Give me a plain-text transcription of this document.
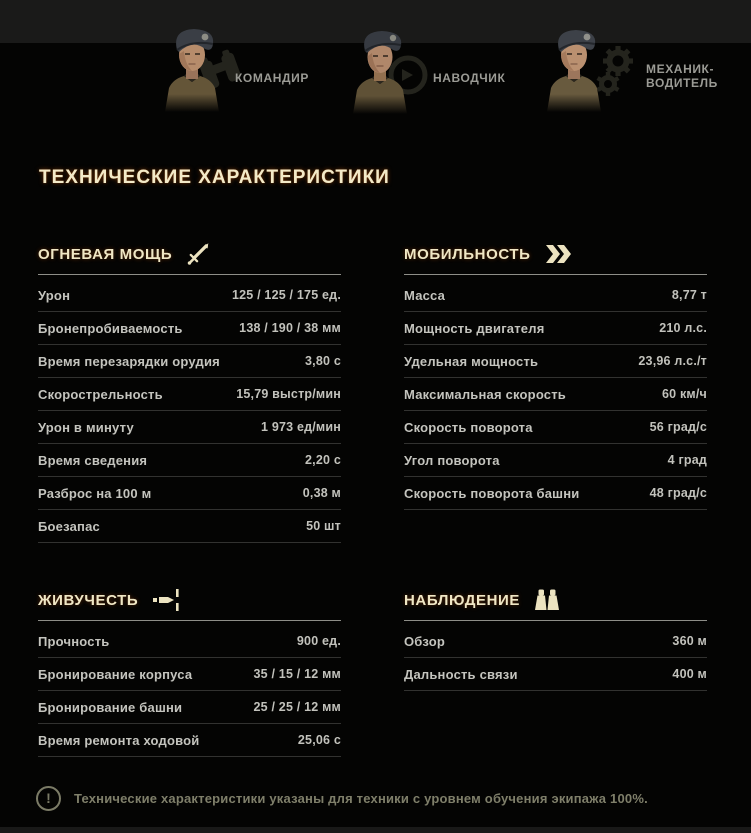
КОМАНДИР	НАВОДЧИК
МЕХАНИК-ВОДИТЕЛЬ
ТЕХНИЧЕСКИЕ ХАРАКТЕРИСТИКИ
ОГНЕВАЯ МОЩЬ
Урон	125 / 125 / 175 ед.
Бронепробиваемость	138 / 190 / 38 мм
Время перезарядки орудия	3,80 с
Скорострельность	15,79 выстр/мин
Урон в минуту	1 973 ед/мин
Время сведения	2,20 с
Разброс на 100 м	0,38 м
Боезапас	50 шт
МОБИЛЬНОСТЬ
Масса	8,77 т
Мощность двигателя	210 л.с.
Удельная мощность	23,96 л.с./т
Максимальная скорость	60 км/ч
Скорость поворота	56 град/с
Угол поворота	4 град
Скорость поворота башни	48 град/с
ЖИВУЧЕСТЬ
Прочность	900 ед.
Бронирование корпуса	35 / 15 / 12 мм
Бронирование башни	25 / 25 / 12 мм
Время ремонта ходовой	25,06 с
НАБЛЮДЕНИЕ
Обзор	360 м
Дальность связи	400 м
!	Технические характеристики указаны для техники с уровнем обучения экипажа 100%.
